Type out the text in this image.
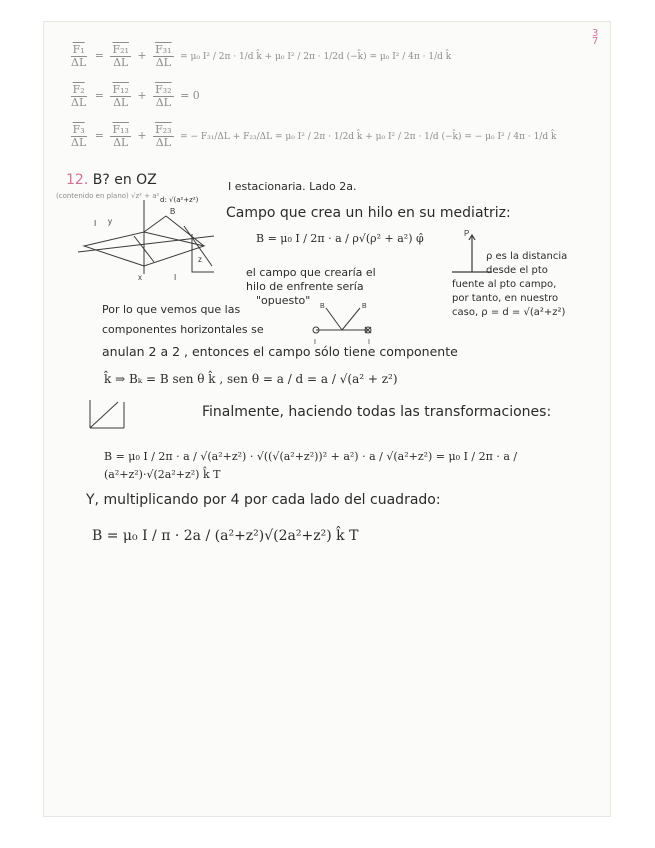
3
7
$\frac{\text{F₁}}{\Delta L} = \frac{\text{F₂₁}}{\Delta L} + \frac{\text{F₃₁}}{\Delta L} = \mu_0$ I² / 2π · 1/d k̂ + μ₀ I² / 2π · 1/2d (−k̂) = μ₀ I² / 4π · 1/d k̂
$\frac{\text{F₂}}{\Delta L} = \frac{\text{F₁₂}}{\Delta L} + \frac{\text{F₃₂}}{\Delta L} = 0$
$\frac{\text{F₃}}{\Delta L} = \frac{\text{F₁₃}}{\Delta L} + \frac{\text{F₂₃}}{\Delta L}$ = − F₃₁/ΔL + F₂₃/ΔL = μ₀ I² / 2π · 1/2d k̂ + μ₀ I² / 2π · 1/d (−k̂) = − μ₀ I² / 4π · 1/d k̂
12. B? en OZ	I estacionaria. Lado 2a.
I y
B
z
x	I
(contenido en plano) √z² + a² d: √(a²+z²)
Campo que crea un hilo en su mediatriz:
B = μ₀ I / 2π · a / ρ√(ρ² + a²) φ̂	P
ρ es la distancia
desde el pto
fuente al pto campo,
por tanto, en nuestro
caso, ρ = d = √(a²+z²)
el campo que crearía el
hilo de enfrente sería
"opuesto"	B	B
I	I
Por lo que vemos que las
componentes horizontales se
anulan 2 a 2 , entonces el campo sólo tiene componente
k̂ ⇒ Bₖ = B sen θ k̂ , sen θ = a / d = a / √(a² + z²)
Finalmente, haciendo todas las transformaciones:
B = μ₀ I / 2π · a / √(a²+z²) · √((√(a²+z²))² + a²) · a / √(a²+z²) = μ₀ I / 2π · a / (a²+z²)·√(2a²+z²) k̂ T
Y, multiplicando por 4 por cada lado del cuadrado:
B = μ₀ I / π · 2a / (a²+z²)√(2a²+z²) k̂ T
